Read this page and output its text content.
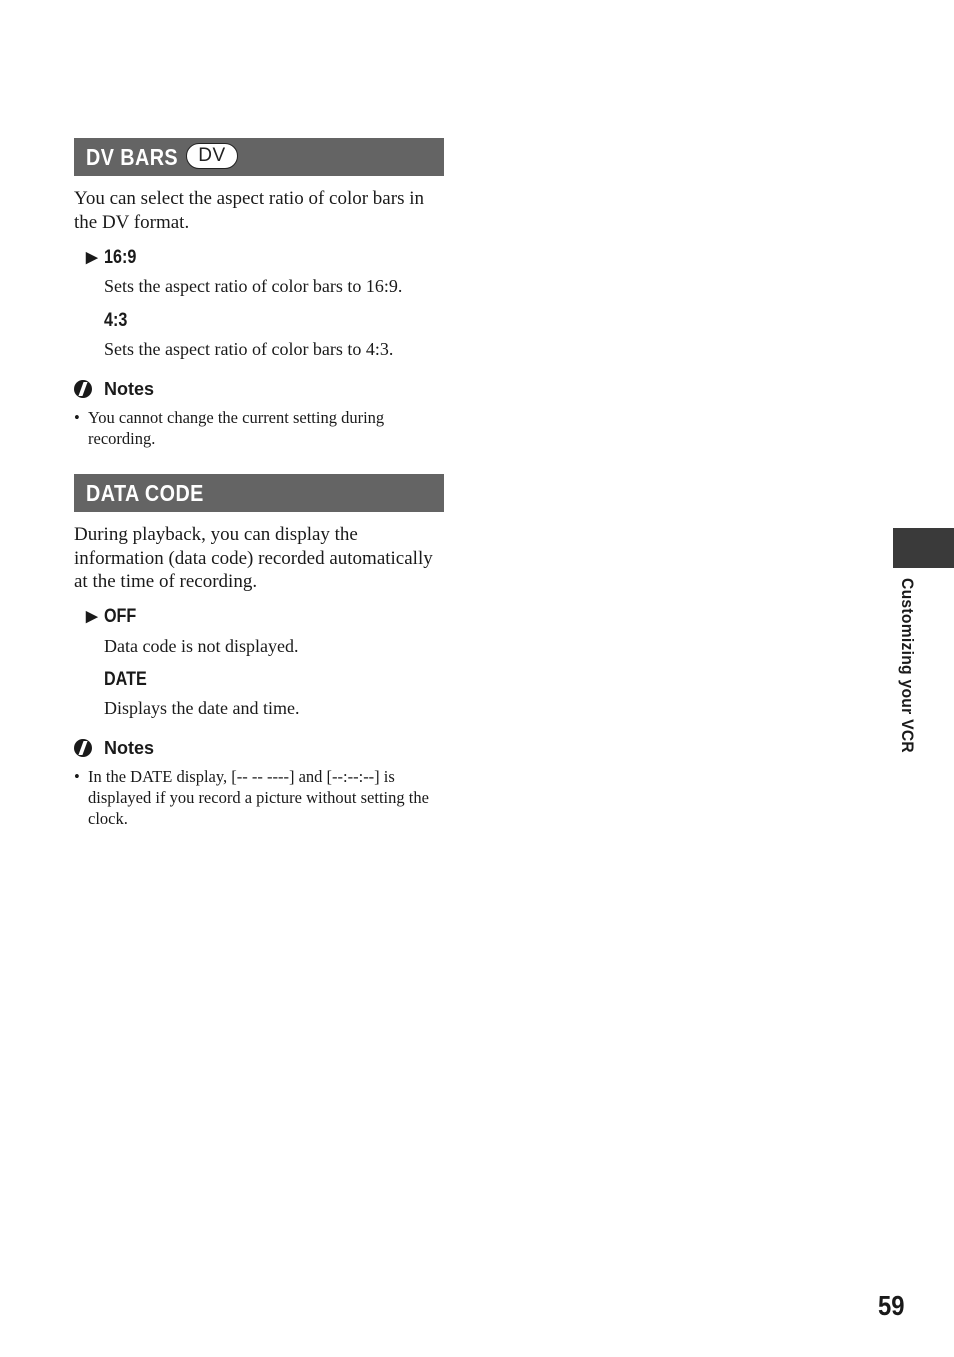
DV BARS	DV

You can select the aspect ratio of color bars in the DV format.

▶ 16:9
Sets the aspect ratio of color bars to 16:9.
4:3
Sets the aspect ratio of color bars to 4:3.
Notes
• You cannot change the current setting during recording.
DATA CODE

During playback, you can display the information (data code) recorded automatically at the time of recording.

▶ OFF
Data code is not displayed.
DATE
Displays the date and time.
Notes
• In the DATE display, [-- -- ----] and [--:--:--] is displayed if you record a picture without setting the clock.
Customizing your VCR
59
